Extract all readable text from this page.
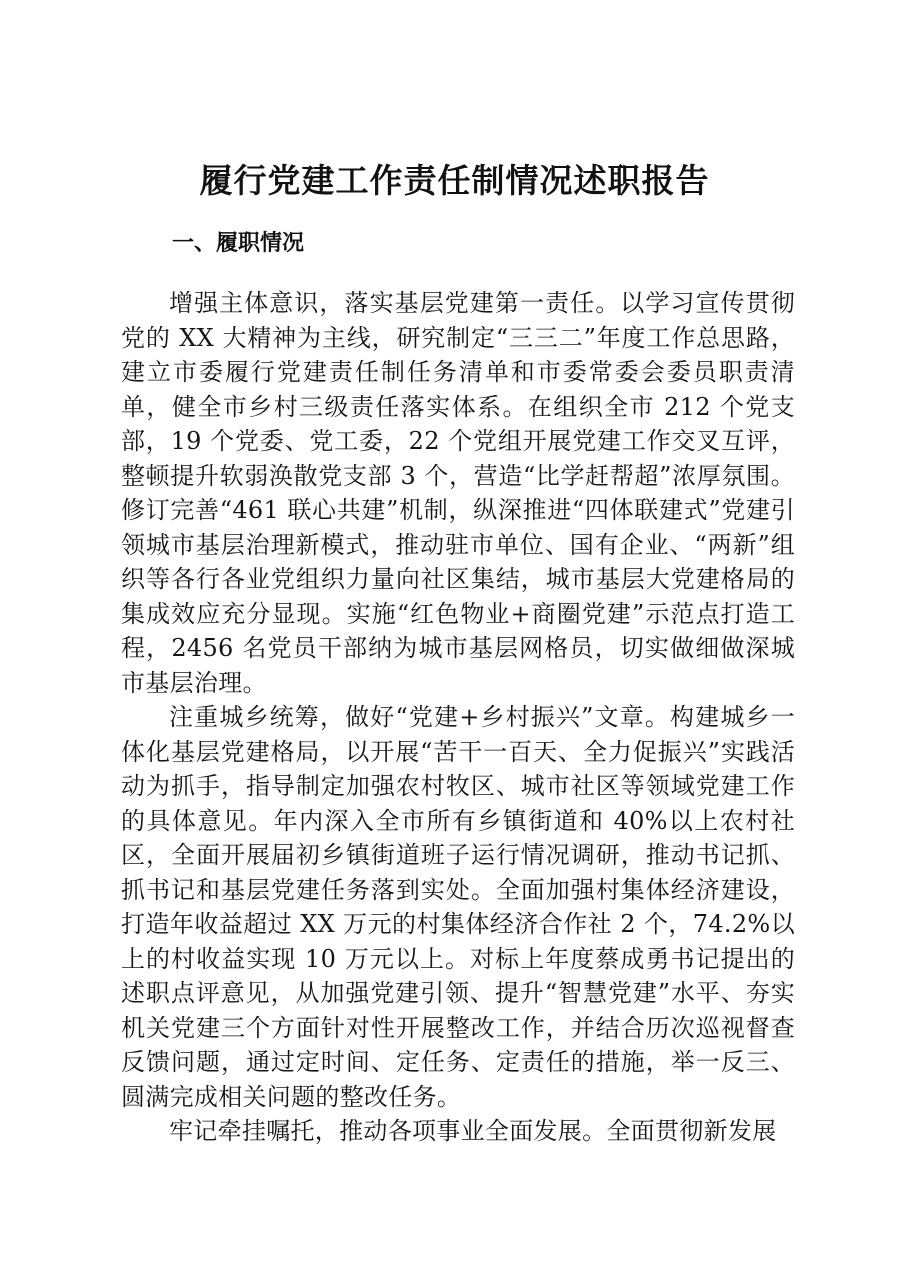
履行党建工作责任制情况述职报告
一、履职情况

增强主体意识，落实基层党建第一责任。以学习宣传贯彻党的 XX 大精神为主线，研究制定“三三二”年度工作总思路，建立市委履行党建责任制任务清单和市委常委会委员职责清单，健全市乡村三级责任落实体系。在组织全市 212 个党支部，19 个党委、党工委，22 个党组开展党建工作交叉互评，整顿提升软弱涣散党支部 3 个，营造“比学赶帮超”浓厚氛围。修订完善“461 联心共建”机制，纵深推进“四体联建式”党建引领城市基层治理新模式，推动驻市单位、国有企业、“两新”组织等各行各业党组织力量向社区集结，城市基层大党建格局的集成效应充分显现。实施“红色物业+商圈党建”示范点打造工程，2456 名党员干部纳为城市基层网格员，切实做细做深城市基层治理。

注重城乡统筹，做好“党建+乡村振兴”文章。构建城乡一体化基层党建格局，以开展“苦干一百天、全力促振兴”实践活动为抓手，指导制定加强农村牧区、城市社区等领域党建工作的具体意见。年内深入全市所有乡镇街道和 40%以上农村社区，全面开展届初乡镇街道班子运行情况调研，推动书记抓、抓书记和基层党建任务落到实处。全面加强村集体经济建设，打造年收益超过 XX 万元的村集体经济合作社 2 个，74.2%以上的村收益实现 10 万元以上。对标上年度蔡成勇书记提出的述职点评意见，从加强党建引领、提升“智慧党建”水平、夯实机关党建三个方面针对性开展整改工作，并结合历次巡视督查反馈问题，通过定时间、定任务、定责任的措施，举一反三、圆满完成相关问题的整改任务。

牢记牵挂嘱托，推动各项事业全面发展。全面贯彻新发展
